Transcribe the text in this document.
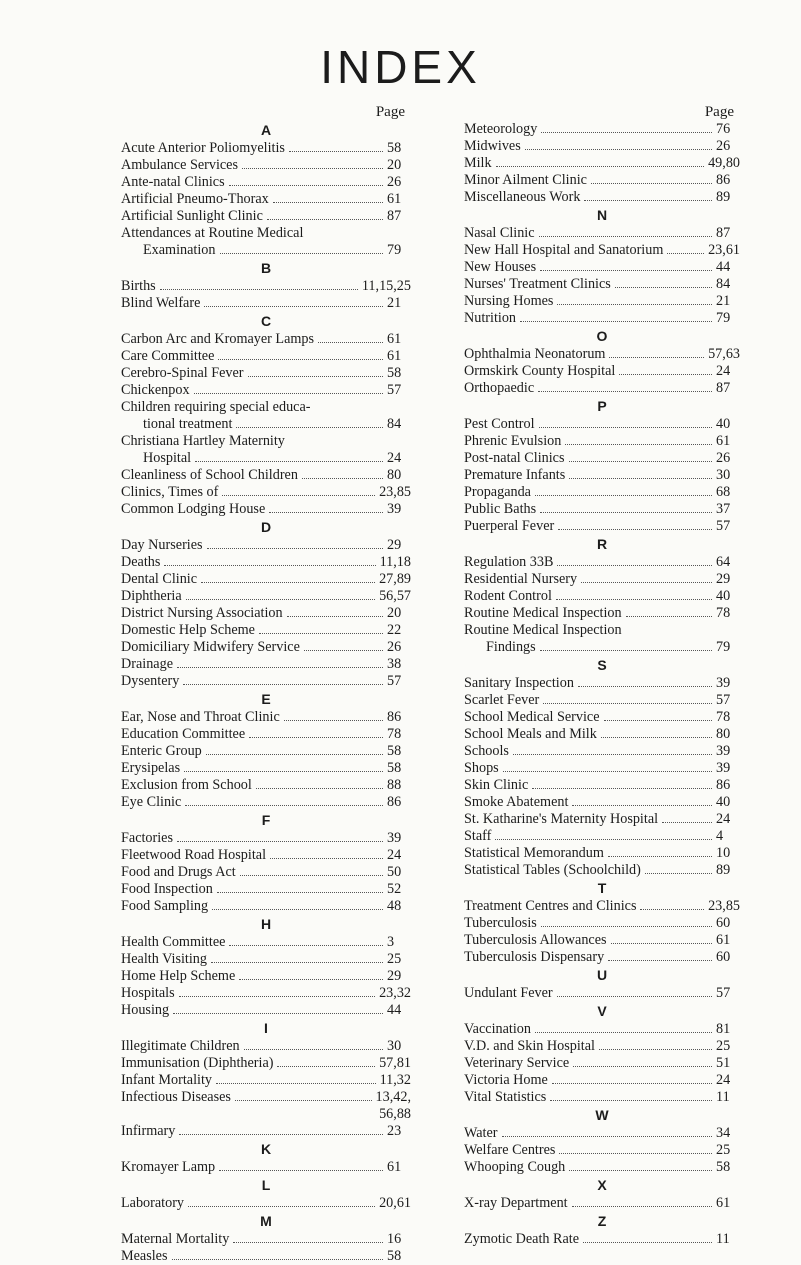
INDEX
Page
A
Acute Anterior Poliomyelitis	58
Ambulance Services	20
Ante-natal Clinics	26
Artificial Pneumo-Thorax	61
Artificial Sunlight Clinic	87
Attendances at Routine Medical
Examination	79
B
Births	11,15,25
Blind Welfare	21
C
Carbon Arc and Kromayer Lamps	61
Care Committee	61
Cerebro-Spinal Fever	58
Chickenpox	57
Children requiring special educa-
tional treatment	84
Christiana Hartley Maternity
Hospital	24
Cleanliness of School Children	80
Clinics, Times of	23,85
Common Lodging House	39
D
Day Nurseries	29
Deaths	11,18
Dental Clinic	27,89
Diphtheria	56,57
District Nursing Association	20
Domestic Help Scheme	22
Domiciliary Midwifery Service	26
Drainage	38
Dysentery	57
E
Ear, Nose and Throat Clinic	86
Education Committee	78
Enteric Group	58
Erysipelas	58
Exclusion from School	88
Eye Clinic	86
F
Factories	39
Fleetwood Road Hospital	24
Food and Drugs Act	50
Food Inspection	52
Food Sampling	48
H
Health Committee	3
Health Visiting	25
Home Help Scheme	29
Hospitals	23,32
Housing	44
I
Illegitimate Children	30
Immunisation (Diphtheria)	57,81
Infant Mortality	11,32
Infectious Diseases	13,42,
56,88
Infirmary	23
K
Kromayer Lamp	61
L
Laboratory	20,61
M
Maternal Mortality	16
Measles	58
Page
Meteorology	76
Midwives	26
Milk	49,80
Minor Ailment Clinic	86
Miscellaneous Work	89
N
Nasal Clinic	87
New Hall Hospital and Sanatorium	23,61
New Houses	44
Nurses' Treatment Clinics	84
Nursing Homes	21
Nutrition	79
O
Ophthalmia Neonatorum	57,63
Ormskirk County Hospital	24
Orthopaedic	87
P
Pest Control	40
Phrenic Evulsion	61
Post-natal Clinics	26
Premature Infants	30
Propaganda	68
Public Baths	37
Puerperal Fever	57
R
Regulation 33B	64
Residential Nursery	29
Rodent Control	40
Routine Medical Inspection	78
Routine Medical Inspection
Findings	79
S
Sanitary Inspection	39
Scarlet Fever	57
School Medical Service	78
School Meals and Milk	80
Schools	39
Shops	39
Skin Clinic	86
Smoke Abatement	40
St. Katharine's Maternity Hospital	24
Staff	4
Statistical Memorandum	10
Statistical Tables (Schoolchild)	89
T
Treatment Centres and Clinics	23,85
Tuberculosis	60
Tuberculosis Allowances	61
Tuberculosis Dispensary	60
U
Undulant Fever	57
V
Vaccination	81
V.D. and Skin Hospital	25
Veterinary Service	51
Victoria Home	24
Vital Statistics	11
W
Water	34
Welfare Centres	25
Whooping Cough	58
X
X-ray Department	61
Z
Zymotic Death Rate	11
